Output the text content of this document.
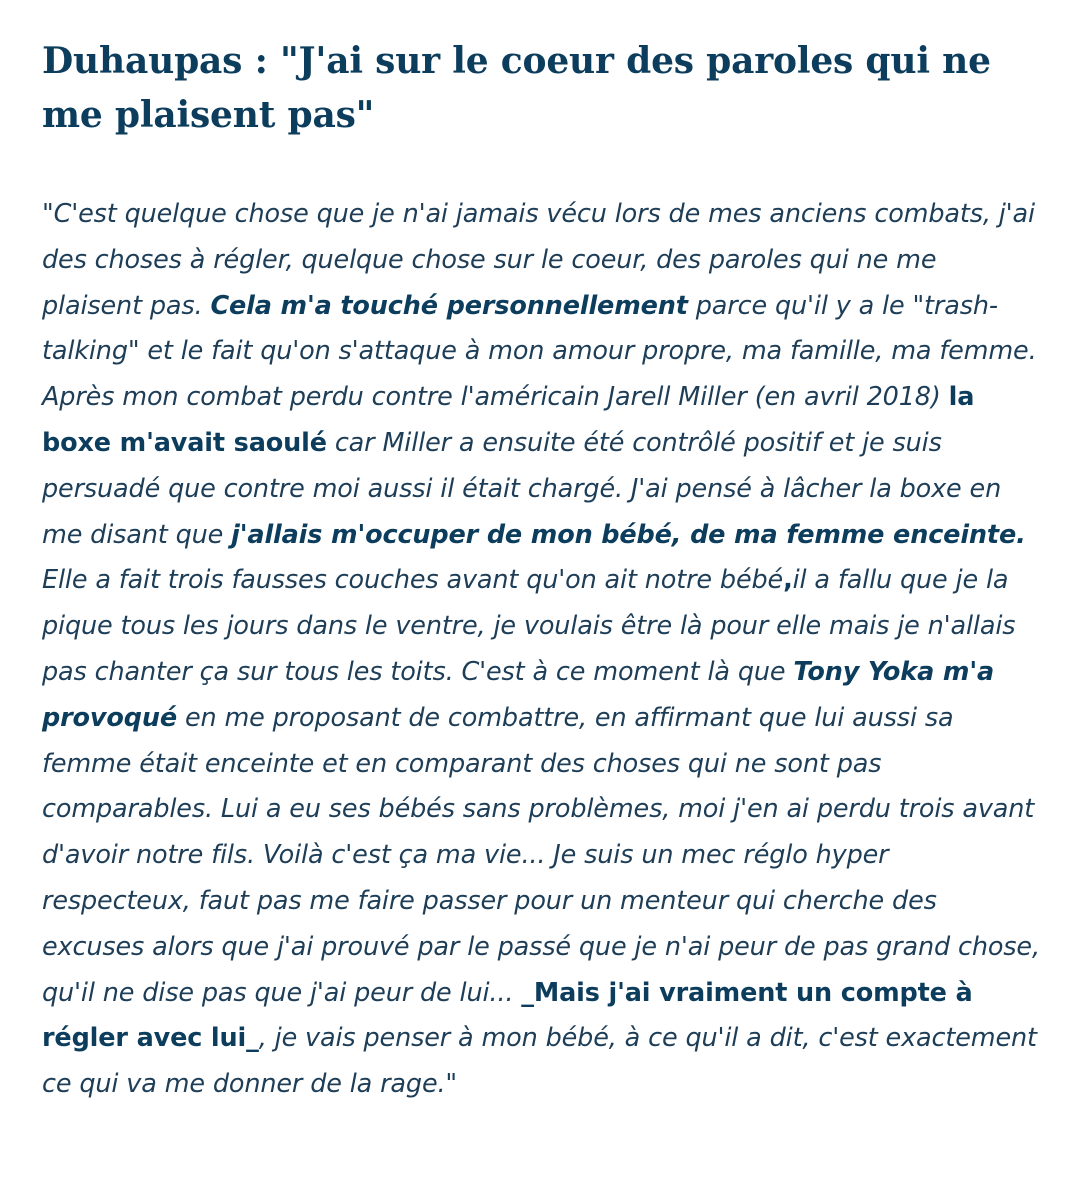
Duhaupas : "J'ai sur le coeur des paroles qui ne me plaisent pas"

"C'est quelque chose que je n'ai jamais vécu lors de mes anciens combats, j'ai des choses à régler, quelque chose sur le coeur, des paroles qui ne me plaisent pas. Cela m'a touché personnellement parce qu'il y a le "trash-talking" et le fait qu'on s'attaque à mon amour propre, ma famille, ma femme. Après mon combat perdu contre l'américain Jarell Miller (en avril 2018) la boxe m'avait saoulé car Miller a ensuite été contrôlé positif et je suis persuadé que contre moi aussi il était chargé. J'ai pensé à lâcher la boxe en me disant que j'allais m'occuper de mon bébé, de ma femme enceinte. Elle a fait trois fausses couches avant qu'on ait notre bébé,il a fallu que je la pique tous les jours dans le ventre, je voulais être là pour elle mais je n'allais pas chanter ça sur tous les toits. C'est à ce moment là que Tony Yoka m'a provoqué en me proposant de combattre, en affirmant que lui aussi sa femme était enceinte et en comparant des choses qui ne sont pas comparables. Lui a eu ses bébés sans problèmes, moi j'en ai perdu trois avant d'avoir notre fils. Voilà c'est ça ma vie... Je suis un mec réglo hyper respecteux, faut pas me faire passer pour un menteur qui cherche des excuses alors que j'ai prouvé par le passé que je n'ai peur de pas grand chose, qu'il ne dise pas que j'ai peur de lui... _Mais j'ai vraiment un compte à régler avec lui_, je vais penser à mon bébé, à ce qu'il a dit, c'est exactement ce qui va me donner de la rage."
